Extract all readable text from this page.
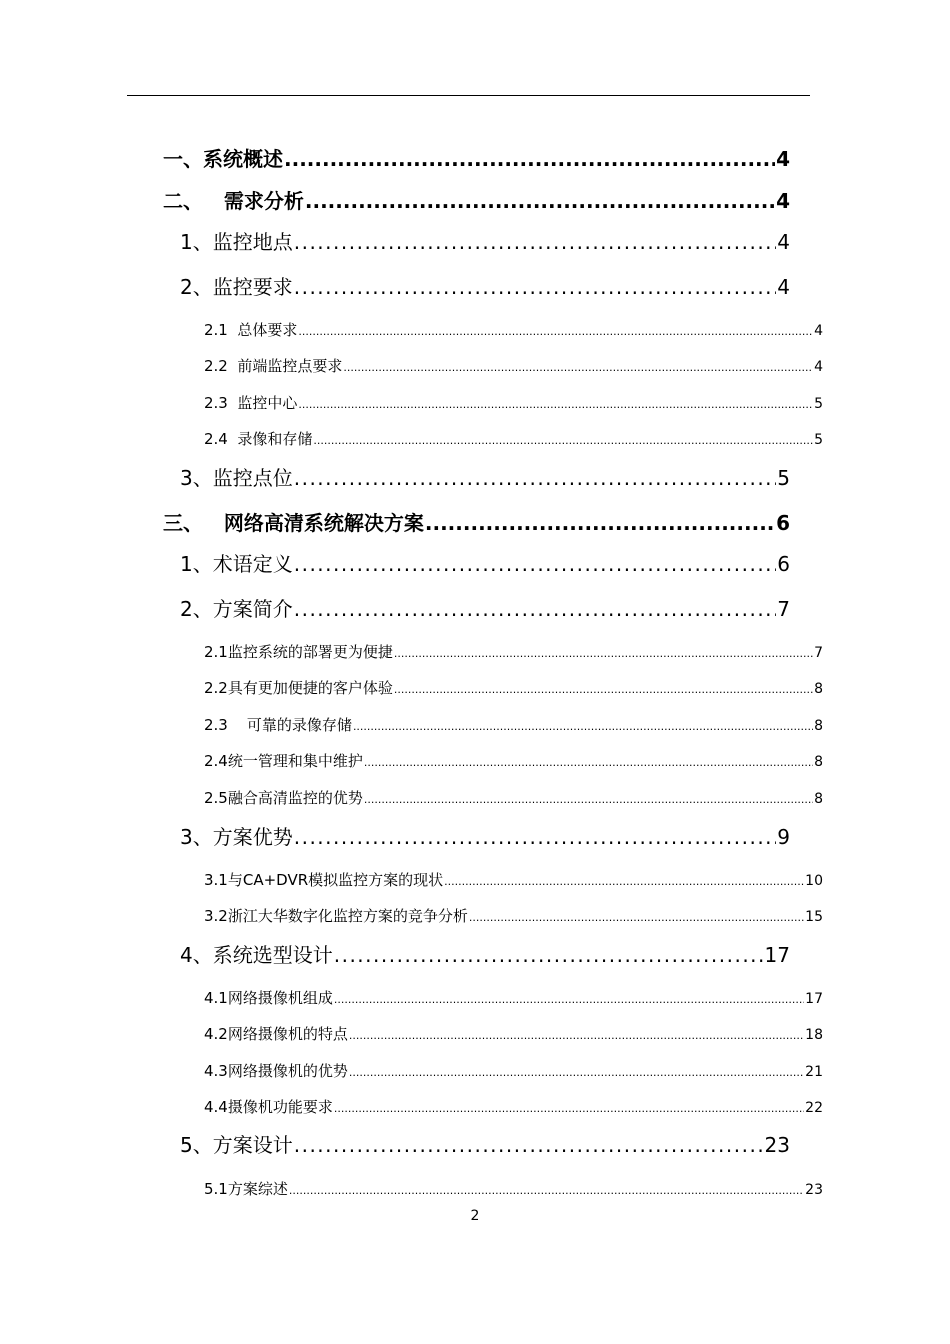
一、系统概述 .....	4
二、   需求分析 .....	4
1、监控地点 .....	4
2、监控要求 .....	4
2.1  总体要求 .....	4
2.2  前端监控点要求 .....	4
2.3  监控中心 .....	5
2.4  录像和存储 .....	5
3、监控点位 .....	5
三、   网络高清系统解决方案 .....	6
1、术语定义 .....	6
2、方案简介 .....	7
2.1监控系统的部署更为便捷 .....	7
2.2具有更加便捷的客户体验 .....	8
2.3    可靠的录像存储 .....	8
2.4统一管理和集中维护 .....	8
2.5融合高清监控的优势 .....	8
3、方案优势 .....	9
3.1与CA+DVR模拟监控方案的现状 .....	10
3.2浙江大华数字化监控方案的竞争分析 .....	15
4、系统选型设计 .....	17
4.1网络摄像机组成 .....	17
4.2网络摄像机的特点 .....	18
4.3网络摄像机的优势 .....	21
4.4摄像机功能要求 .....	22
5、方案设计 .....	23
5.1方案综述 .....	23
2
